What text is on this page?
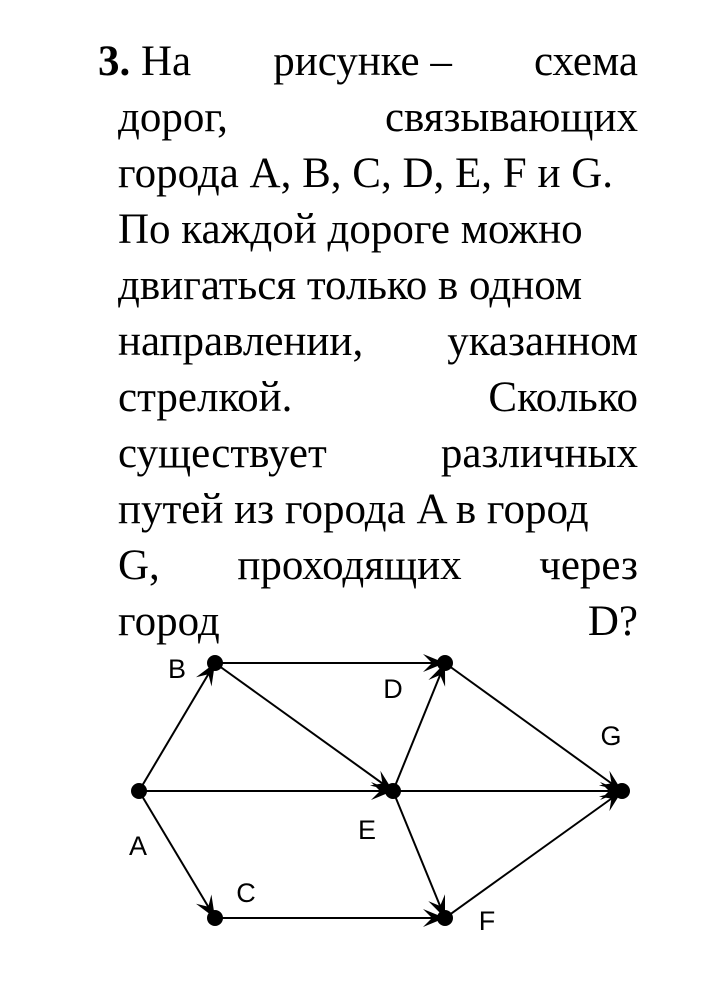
3. На рисунке – схема
дорог,	связывающих
города A, B, C, D, E, F и G.
По каждой дороге можно
двигаться только в одном
направлении, указанном
стрелкой.	Сколько
существует	различных
путей из города A в город
G, проходящих через
город	D?
A
B
C
D
E
F
G
